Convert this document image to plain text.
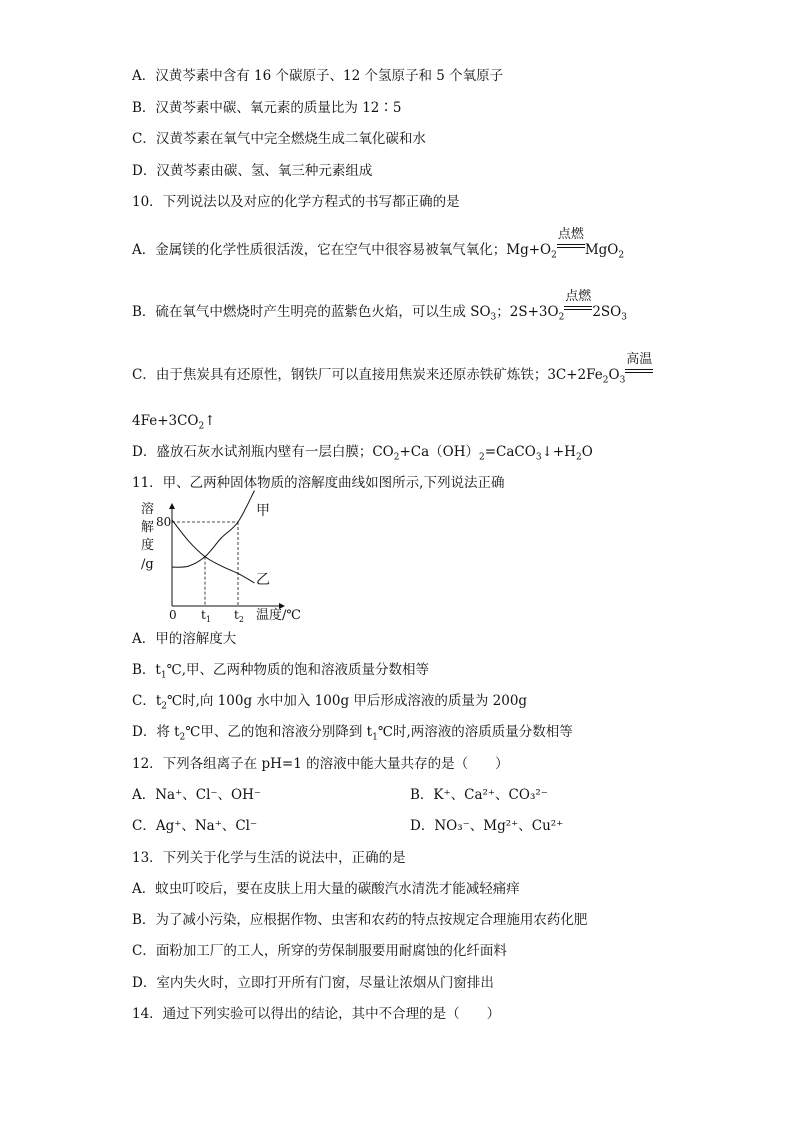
A．汉黄芩素中含有 16 个碳原子、12 个氢原子和 5 个氧原子
B．汉黄芩素中碳、氧元素的质量比为 12∶5
C．汉黄芩素在氧气中完全燃烧生成二氧化碳和水
D．汉黄芩素由碳、氢、氧三种元素组成
10．下列说法以及对应的化学方程式的书写都正确的是
A．金属镁的化学性质很活泼，它在空气中很容易被氧气氧化；$Mg+O_2$
点燃
MgO$_2$
B．硫在氧气中燃烧时产生明亮的蓝紫色火焰，可以生成 $SO_3$；$2S+3O_2$
点燃
$2SO_3$
C．由于焦炭具有还原性，钢铁厂可以直接用焦炭来还原赤铁矿炼铁；$3C+2Fe_2O_3$
高温
$4Fe+3CO_2↑$
D．盛放石灰水试剂瓶内壁有一层白膜；$CO_2+Ca(OH)_2=CaCO_3↓+H_2O$
11．甲、乙两种固体物质的溶解度曲线如图所示,下列说法正确
溶
解
度
/g
甲
乙
80
0 $t_1$ $t_2$ 温度/℃
A．甲的溶解度大
B．$t_1℃$,甲、乙两种物质的饱和溶液质量分数相等
C．$t_2℃$时,向 100g 水中加入 100g 甲后形成溶液的质量为 200g
D．将 $t_2℃$甲、乙的饱和溶液分别降到 $t_1℃$时,两溶液的溶质质量分数相等
12．下列各组离子在 pH=1 的溶液中能大量共存的是（　　）
A．Na⁺、Cl⁻、OH⁻	B．K⁺、Ca²⁺、CO₃²⁻
C．Ag⁺、Na⁺、Cl⁻	D．NO₃⁻、Mg²⁺、Cu²⁺
13．下列关于化学与生活的说法中，正确的是
A．蚊虫叮咬后，要在皮肤上用大量的碳酸汽水清洗才能减轻痛痒
B．为了减小污染，应根据作物、虫害和农药的特点按规定合理施用农药化肥
C．面粉加工厂的工人，所穿的劳保制服要用耐腐蚀的化纤面料
D．室内失火时，立即打开所有门窗，尽量让浓烟从门窗排出
14．通过下列实验可以得出的结论，其中不合理的是（　　）
